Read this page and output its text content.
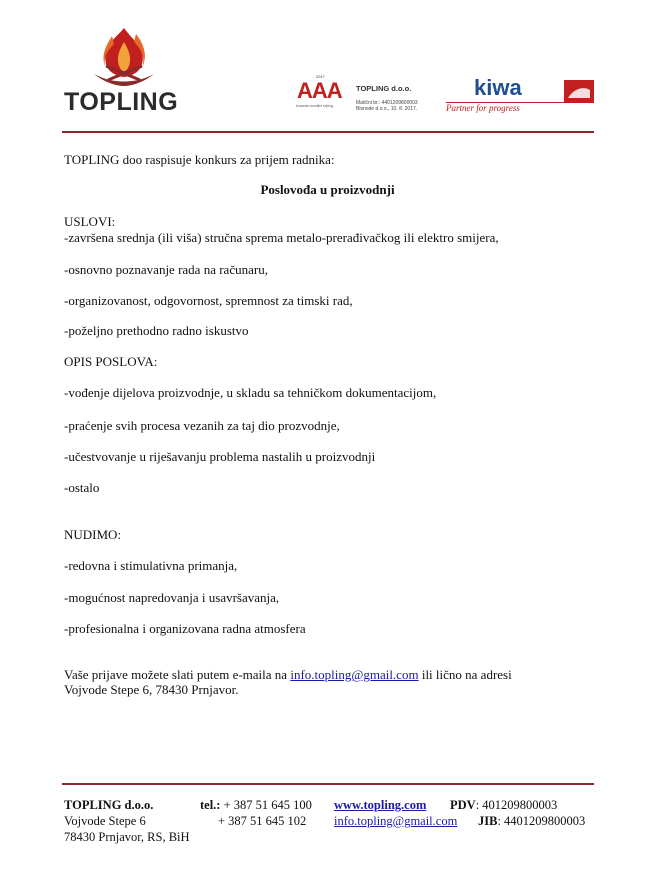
TOPLING
2017
AAA
Izuzetan kreditni rejting
TOPLING d.o.o.
Matični br.: 4401209800003
Bisnode d.o.o., 10. 8. 2017.
kiwa
Partner for progress
TOPLING doo raspisuje konkurs za prijem radnika:
Poslovođa u proizvodnji
USLOVI:
-završena srednja (ili viša) stručna sprema metalo-prerađivačkog ili elektro smijera,
-osnovno poznavanje rada na računaru,
-organizovanost, odgovornost, spremnost za timski rad,
-poželjno prethodno radno iskustvo
OPIS POSLOVA:
-vođenje dijelova proizvodnje, u skladu sa tehničkom dokumentacijom,
-praćenje svih procesa vezanih za taj dio prozvodnje,
-učestvovanje u riješavanju problema nastalih u proizvodnji
-ostalo
NUDIMO:
-redovna i stimulativna primanja,
-mogućnost napredovanja i usavršavanja,
-profesionalna i organizovana radna atmosfera
Vaše prijave možete slati putem e-maila na info.topling@gmail.com ili lično na adresi
Vojvode Stepe 6, 78430 Prnjavor.
TOPLING d.o.o.
Vojvode Stepe 6
78430 Prnjavor, RS, BiH
tel.: + 387 51 645 100
+ 387 51 645 102
www.topling.com
info.topling@gmail.com
PDV: 401209800003
JIB: 4401209800003
